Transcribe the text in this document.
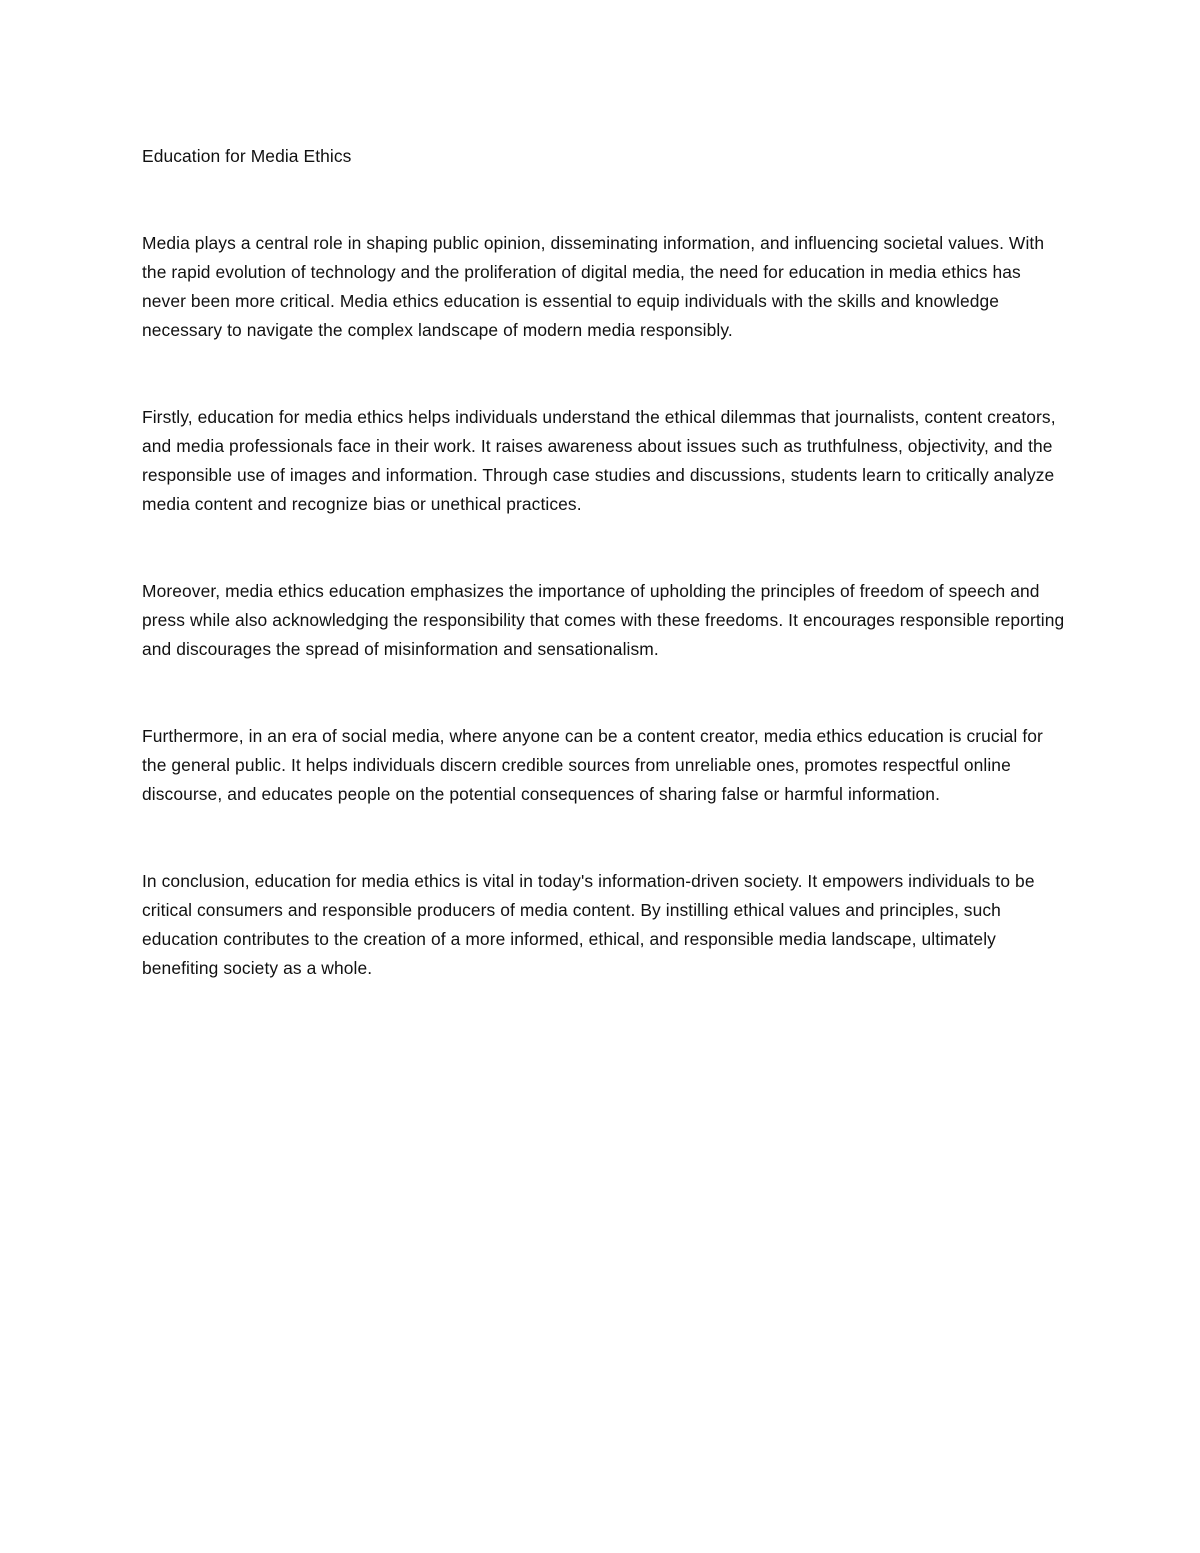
Education for Media Ethics

Media plays a central role in shaping public opinion, disseminating information, and influencing societal values. With the rapid evolution of technology and the proliferation of digital media, the need for education in media ethics has never been more critical. Media ethics education is essential to equip individuals with the skills and knowledge necessary to navigate the complex landscape of modern media responsibly.

Firstly, education for media ethics helps individuals understand the ethical dilemmas that journalists, content creators, and media professionals face in their work. It raises awareness about issues such as truthfulness, objectivity, and the responsible use of images and information. Through case studies and discussions, students learn to critically analyze media content and recognize bias or unethical practices.

Moreover, media ethics education emphasizes the importance of upholding the principles of freedom of speech and press while also acknowledging the responsibility that comes with these freedoms. It encourages responsible reporting and discourages the spread of misinformation and sensationalism.

Furthermore, in an era of social media, where anyone can be a content creator, media ethics education is crucial for the general public. It helps individuals discern credible sources from unreliable ones, promotes respectful online discourse, and educates people on the potential consequences of sharing false or harmful information.

In conclusion, education for media ethics is vital in today's information-driven society. It empowers individuals to be critical consumers and responsible producers of media content. By instilling ethical values and principles, such education contributes to the creation of a more informed, ethical, and responsible media landscape, ultimately benefiting society as a whole.
